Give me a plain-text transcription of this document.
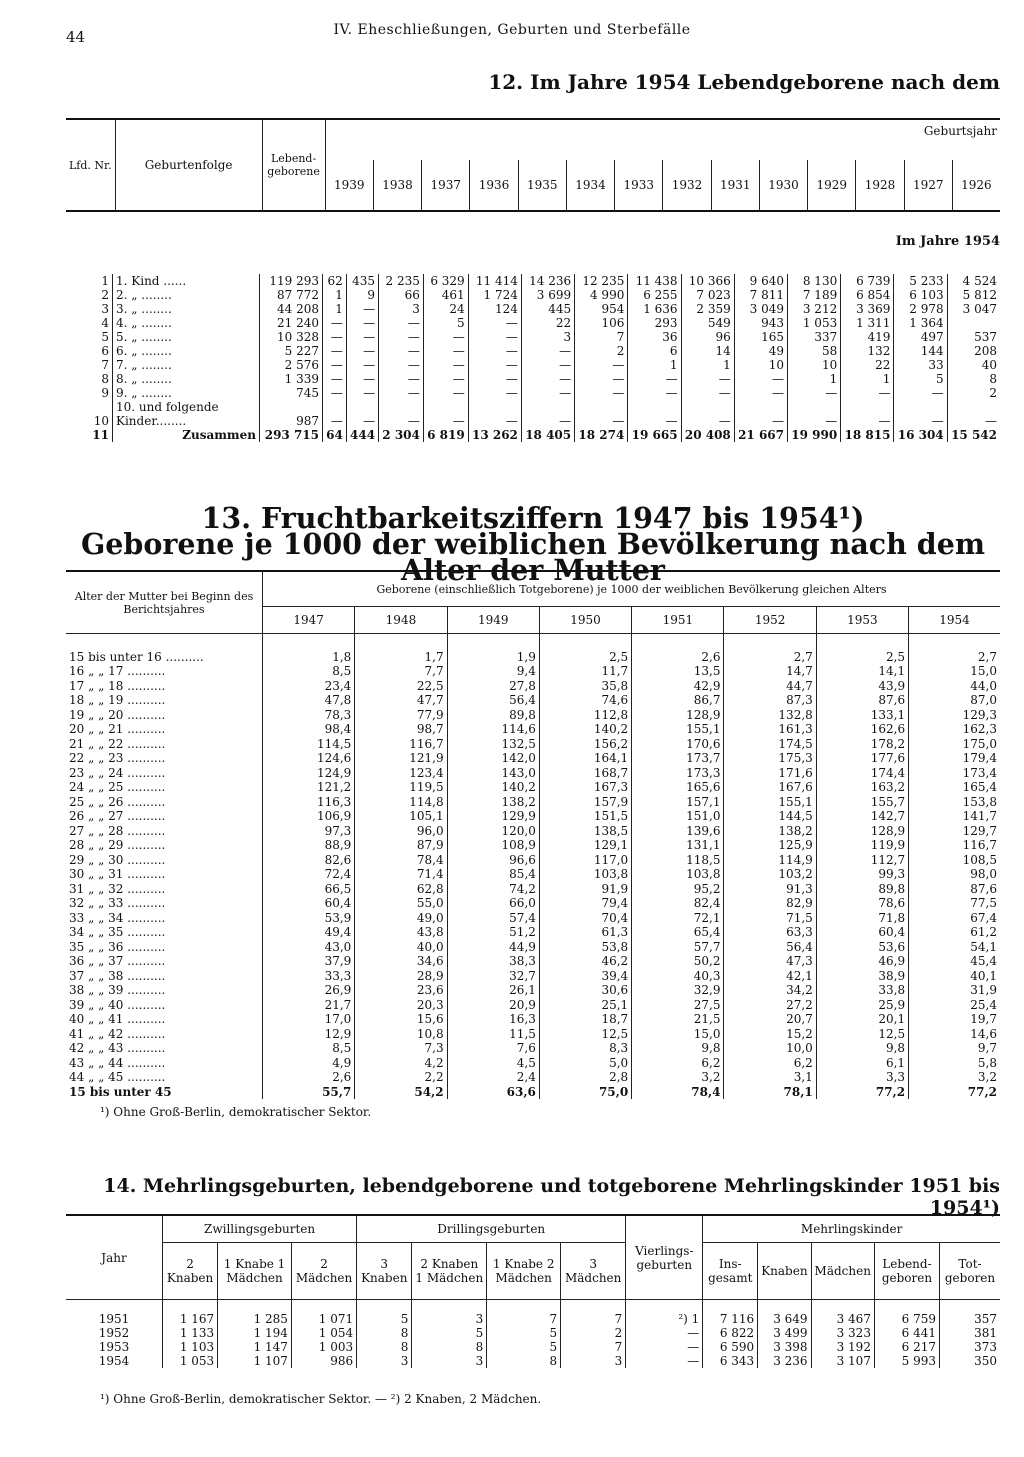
44	IV. Eheschließungen, Geburten und Sterbefälle
12. Im Jahre 1954 Lebendgeborene nach dem
Lfd. Nr.	Geburtenfolge	Lebend-geborene	Geburtsjahr													
			1939	1938	1937	1936	1935	1934	1933	1932	1931	1930	1929	1928	1927	1926
Im Jahre 1954
1	1. Kind ......	119 293	62	435	2 235	6 329	11 414	14 236	12 235	11 438	10 366	9 640	8 130	6 739	5 233	4 524
2	2. „ ........	87 772	1	9	66	461	1 724	3 699	4 990	6 255	7 023	7 811	7 189	6 854	6 103	5 812
3	3. „ ........	44 208	1	—	3	24	124	445	954	1 636	2 359	3 049	3 212	3 369	2 978	3 047
4	4. „ ........	21 240	—	—	—	5	—	22	106	293	549	943	1 053	1 311	1 364	
5	5. „ ........	10 328	—	—	—	—	—	3	7	36	96	165	337	419	497	537
6	6. „ ........	5 227	—	—	—	—	—	—	2	6	14	49	58	132	144	208
7	7. „ ........	2 576	—	—	—	—	—	—	—	1	1	10	10	22	33	40
8	8. „ ........	1 339	—	—	—	—	—	—	—	—	—	—	1	1	5	8
9	9. „ ........	745	—	—	—	—	—	—	—	—	—	—	—	—	—	2
	10. und folgende															
10	Kinder........	987	—	—	—	—	—	—	—	—	—	—	—	—	—	—
11	Zusammen	293 715	64	444	2 304	6 819	13 262	18 405	18 274	19 665	20 408	21 667	19 990	18 815	16 304	15 542
13. Fruchtbarkeitsziffern 1947 bis 1954¹)
Geborene je 1000 der weiblichen Bevölkerung nach dem Alter der Mutter
Alter der Mutter bei Beginn des Berichtsjahres	Geborene (einschließlich Totgeborene) je 1000 der weiblichen Bevölkerung gleichen Alters							
	1947	1948	1949	1950	1951	1952	1953	1954
15 bis unter 16 ..........	1,8	1,7	1,9	2,5	2,6	2,7	2,5	2,7
16 „ „ 17 ..........	8,5	7,7	9,4	11,7	13,5	14,7	14,1	15,0
17 „ „ 18 ..........	23,4	22,5	27,8	35,8	42,9	44,7	43,9	44,0
18 „ „ 19 ..........	47,8	47,7	56,4	74,6	86,7	87,3	87,6	87,0
19 „ „ 20 ..........	78,3	77,9	89,8	112,8	128,9	132,8	133,1	129,3
20 „ „ 21 ..........	98,4	98,7	114,6	140,2	155,1	161,3	162,6	162,3
21 „ „ 22 ..........	114,5	116,7	132,5	156,2	170,6	174,5	178,2	175,0
22 „ „ 23 ..........	124,6	121,9	142,0	164,1	173,7	175,3	177,6	179,4
23 „ „ 24 ..........	124,9	123,4	143,0	168,7	173,3	171,6	174,4	173,4
24 „ „ 25 ..........	121,2	119,5	140,2	167,3	165,6	167,6	163,2	165,4
25 „ „ 26 ..........	116,3	114,8	138,2	157,9	157,1	155,1	155,7	153,8
26 „ „ 27 ..........	106,9	105,1	129,9	151,5	151,0	144,5	142,7	141,7
27 „ „ 28 ..........	97,3	96,0	120,0	138,5	139,6	138,2	128,9	129,7
28 „ „ 29 ..........	88,9	87,9	108,9	129,1	131,1	125,9	119,9	116,7
29 „ „ 30 ..........	82,6	78,4	96,6	117,0	118,5	114,9	112,7	108,5
30 „ „ 31 ..........	72,4	71,4	85,4	103,8	103,8	103,2	99,3	98,0
31 „ „ 32 ..........	66,5	62,8	74,2	91,9	95,2	91,3	89,8	87,6
32 „ „ 33 ..........	60,4	55,0	66,0	79,4	82,4	82,9	78,6	77,5
33 „ „ 34 ..........	53,9	49,0	57,4	70,4	72,1	71,5	71,8	67,4
34 „ „ 35 ..........	49,4	43,8	51,2	61,3	65,4	63,3	60,4	61,2
35 „ „ 36 ..........	43,0	40,0	44,9	53,8	57,7	56,4	53,6	54,1
36 „ „ 37 ..........	37,9	34,6	38,3	46,2	50,2	47,3	46,9	45,4
37 „ „ 38 ..........	33,3	28,9	32,7	39,4	40,3	42,1	38,9	40,1
38 „ „ 39 ..........	26,9	23,6	26,1	30,6	32,9	34,2	33,8	31,9
39 „ „ 40 ..........	21,7	20,3	20,9	25,1	27,5	27,2	25,9	25,4
40 „ „ 41 ..........	17,0	15,6	16,3	18,7	21,5	20,7	20,1	19,7
41 „ „ 42 ..........	12,9	10,8	11,5	12,5	15,0	15,2	12,5	14,6
42 „ „ 43 ..........	8,5	7,3	7,6	8,3	9,8	10,0	9,8	9,7
43 „ „ 44 ..........	4,9	4,2	4,5	5,0	6,2	6,2	6,1	5,8
44 „ „ 45 ..........	2,6	2,2	2,4	2,8	3,2	3,1	3,3	3,2
15 bis unter 45	55,7	54,2	63,6	75,0	78,4	78,1	77,2	77,2
¹) Ohne Groß-Berlin, demokratischer Sektor.
14. Mehrlingsgeburten, lebendgeborene und totgeborene Mehrlingskinder 1951 bis 1954¹)
Jahr	Zwillingsgeburten			Drillingsgeburten				Vierlings-geburten	Mehrlingskinder				
	2 Knaben	1 Knabe 1 Mädchen	2 Mädchen	3 Knaben	2 Knaben 1 Mädchen	1 Knabe 2 Mädchen	3 Mädchen		Ins-gesamt	Knaben	Mädchen	Lebend-geboren	Tot-geboren
1951	1 167	1 285	1 071	5	3	7	7	²) 1	7 116	3 649	3 467	6 759	357
1952	1 133	1 194	1 054	8	5	5	2	—	6 822	3 499	3 323	6 441	381
1953	1 103	1 147	1 003	8	8	5	7	—	6 590	3 398	3 192	6 217	373
1954	1 053	1 107	986	3	3	8	3	—	6 343	3 236	3 107	5 993	350
¹) Ohne Groß-Berlin, demokratischer Sektor. — ²) 2 Knaben, 2 Mädchen.
